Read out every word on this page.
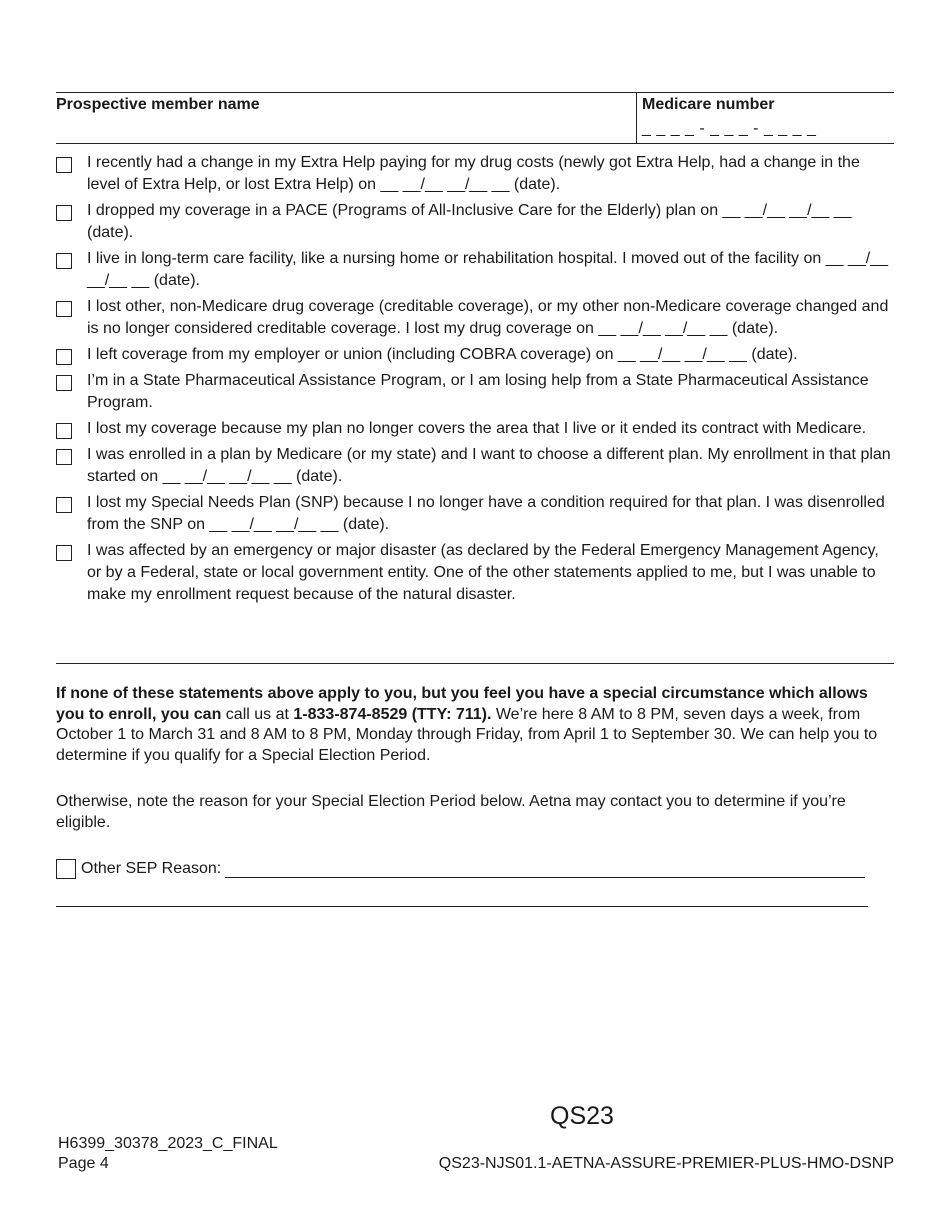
Prospective member name	Medicare number
_ _ _ _ - _ _ _ - _ _ _ _
I recently had a change in my Extra Help paying for my drug costs (newly got Extra Help, had a change in the level of Extra Help, or lost Extra Help) on __ __/__ __/__ __ (date).
I dropped my coverage in a PACE (Programs of All-Inclusive Care for the Elderly) plan on __ __/__ __/__ __ (date).
I live in long-term care facility, like a nursing home or rehabilitation hospital. I moved out of the facility on __ __/__ __/__ __ (date).
I lost other, non-Medicare drug coverage (creditable coverage), or my other non-Medicare coverage changed and is no longer considered creditable coverage. I lost my drug coverage on __ __/__ __/__ __ (date).
I left coverage from my employer or union (including COBRA coverage) on __ __/__ __/__ __ (date).
I’m in a State Pharmaceutical Assistance Program, or I am losing help from a State Pharmaceutical Assistance Program.
I lost my coverage because my plan no longer covers the area that I live or it ended its contract with Medicare.
I was enrolled in a plan by Medicare (or my state) and I want to choose a different plan. My enrollment in that plan started on __ __/__ __/__ __ (date).
I lost my Special Needs Plan (SNP) because I no longer have a condition required for that plan. I was disenrolled from the SNP on __ __/__ __/__ __ (date).
I was affected by an emergency or major disaster (as declared by the Federal Emergency Management Agency, or by a Federal, state or local government entity. One of the other statements applied to me, but I was unable to make my enrollment request because of the natural disaster.
If none of these statements above apply to you, but you feel you have a special circumstance which allows you to enroll, you can call us at 1-833-874-8529 (TTY: 711). We’re here 8 AM to 8 PM, seven days a week, from October 1 to March 31 and 8 AM to 8 PM, Monday through Friday, from April 1 to September 30. We can help you to determine if you qualify for a Special Election Period.
Otherwise, note the reason for your Special Election Period below. Aetna may contact you to determine if you’re eligible.
Other SEP Reason:
QS23
H6399_30378_2023_C_FINAL
Page 4	QS23-NJS01.1-AETNA-ASSURE-PREMIER-PLUS-HMO-DSNP
